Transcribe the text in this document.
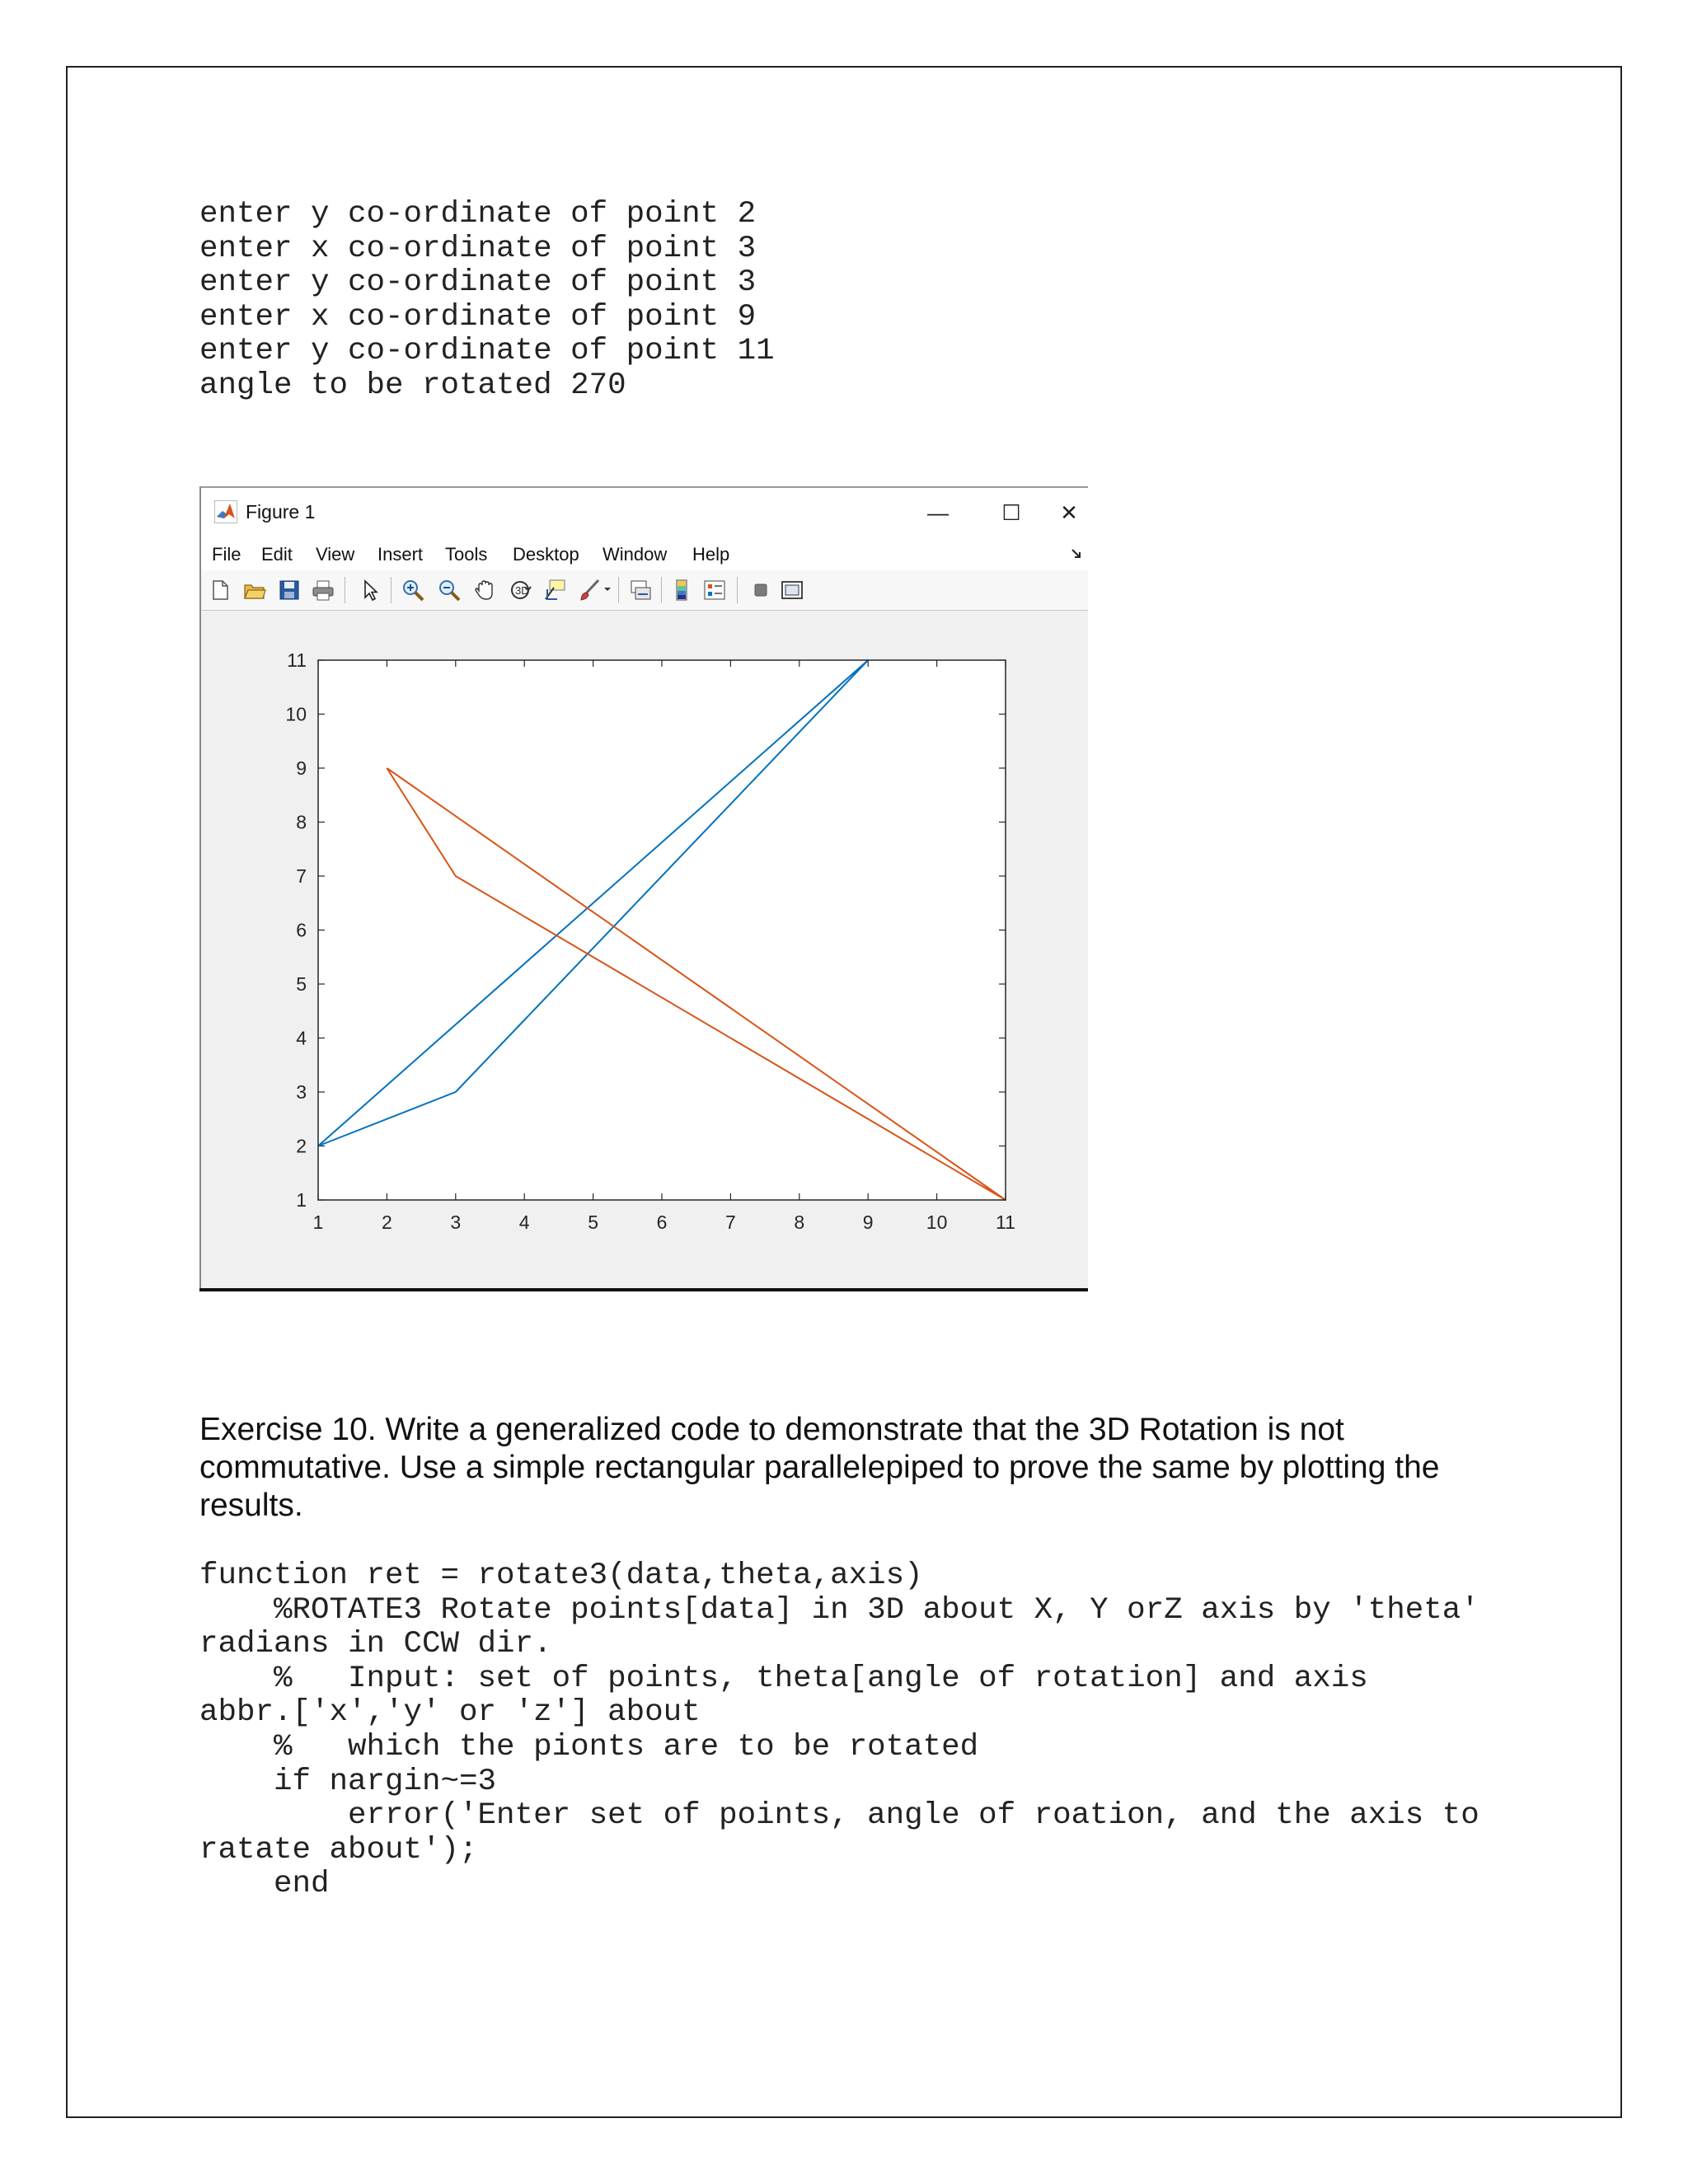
enter y co-ordinate of point 2
enter x co-ordinate of point 3
enter y co-ordinate of point 3
enter x co-ordinate of point 9
enter y co-ordinate of point 11
angle to be rotated 270
Figure 1	—	☐	✕
File Edit View Insert Tools Desktop Window Help
3D
1	2	3	4	5	6	7	8	9	10	11
1
2
3
4
5
6
7
8
9
10
11

Exercise 10. Write a generalized code to demonstrate that the 3D Rotation is not commutative. Use a simple rectangular parallelepiped to prove the same by plotting the results.

function ret = rotate3(data,theta,axis)
%ROTATE3 Rotate points[data] in 3D about X, Y orZ axis by 'theta'
radians in CCW dir.
%   Input: set of points, theta[angle of rotation] and axis
abbr.['x','y' or 'z'] about
%   which the pionts are to be rotated
if nargin~=3
error('Enter set of points, angle of roation, and the axis to
ratate about');
end
